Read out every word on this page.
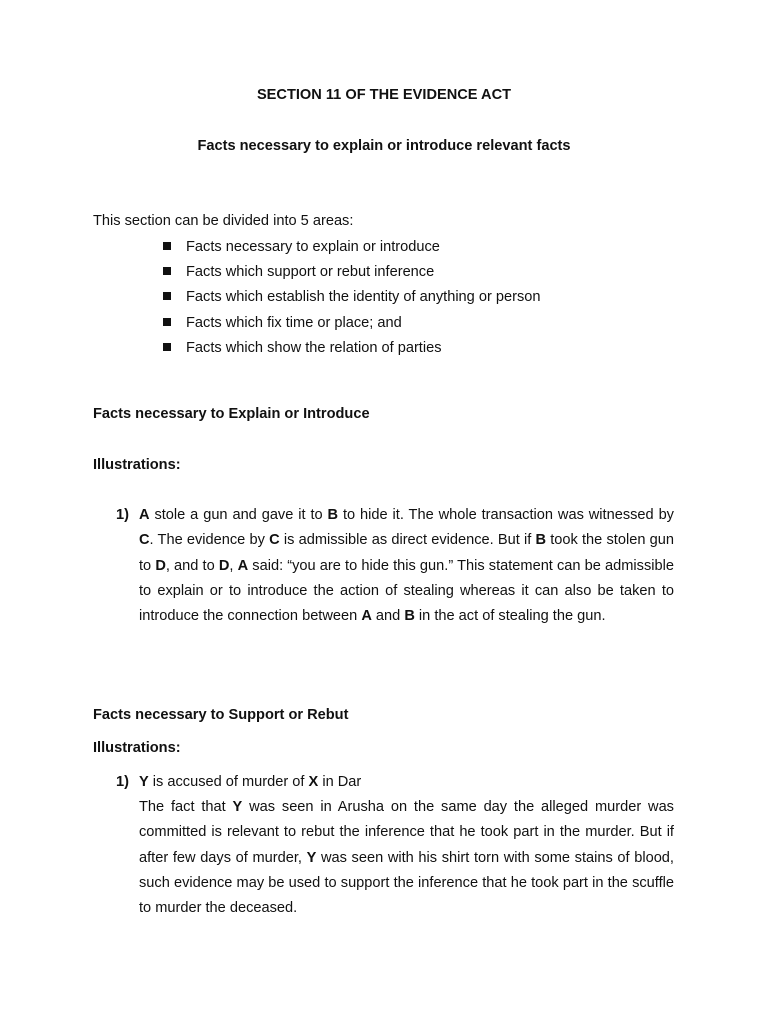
SECTION 11 OF THE EVIDENCE ACT
Facts necessary to explain or introduce relevant facts
This section can be divided into 5 areas:
Facts necessary to explain or introduce
Facts which support or rebut inference
Facts which establish the identity of anything or person
Facts which fix time or place; and
Facts which show the relation of parties
Facts necessary to Explain or Introduce
Illustrations:
1) A stole a gun and gave it to B to hide it. The whole transaction was witnessed by C. The evidence by C is admissible as direct evidence. But if B took the stolen gun to D, and to D, A said: “you are to hide this gun.” This statement can be admissible to explain or to introduce the action of stealing whereas it can also be taken to introduce the connection between A and B in the act of stealing the gun.
Facts necessary to Support or Rebut
Illustrations:
1) Y is accused of murder of X in Dar
The fact that Y was seen in Arusha on the same day the alleged murder was committed is relevant to rebut the inference that he took part in the murder. But if after few days of murder, Y was seen with his shirt torn with some stains of blood, such evidence may be used to support the inference that he took part in the scuffle to murder the deceased.
